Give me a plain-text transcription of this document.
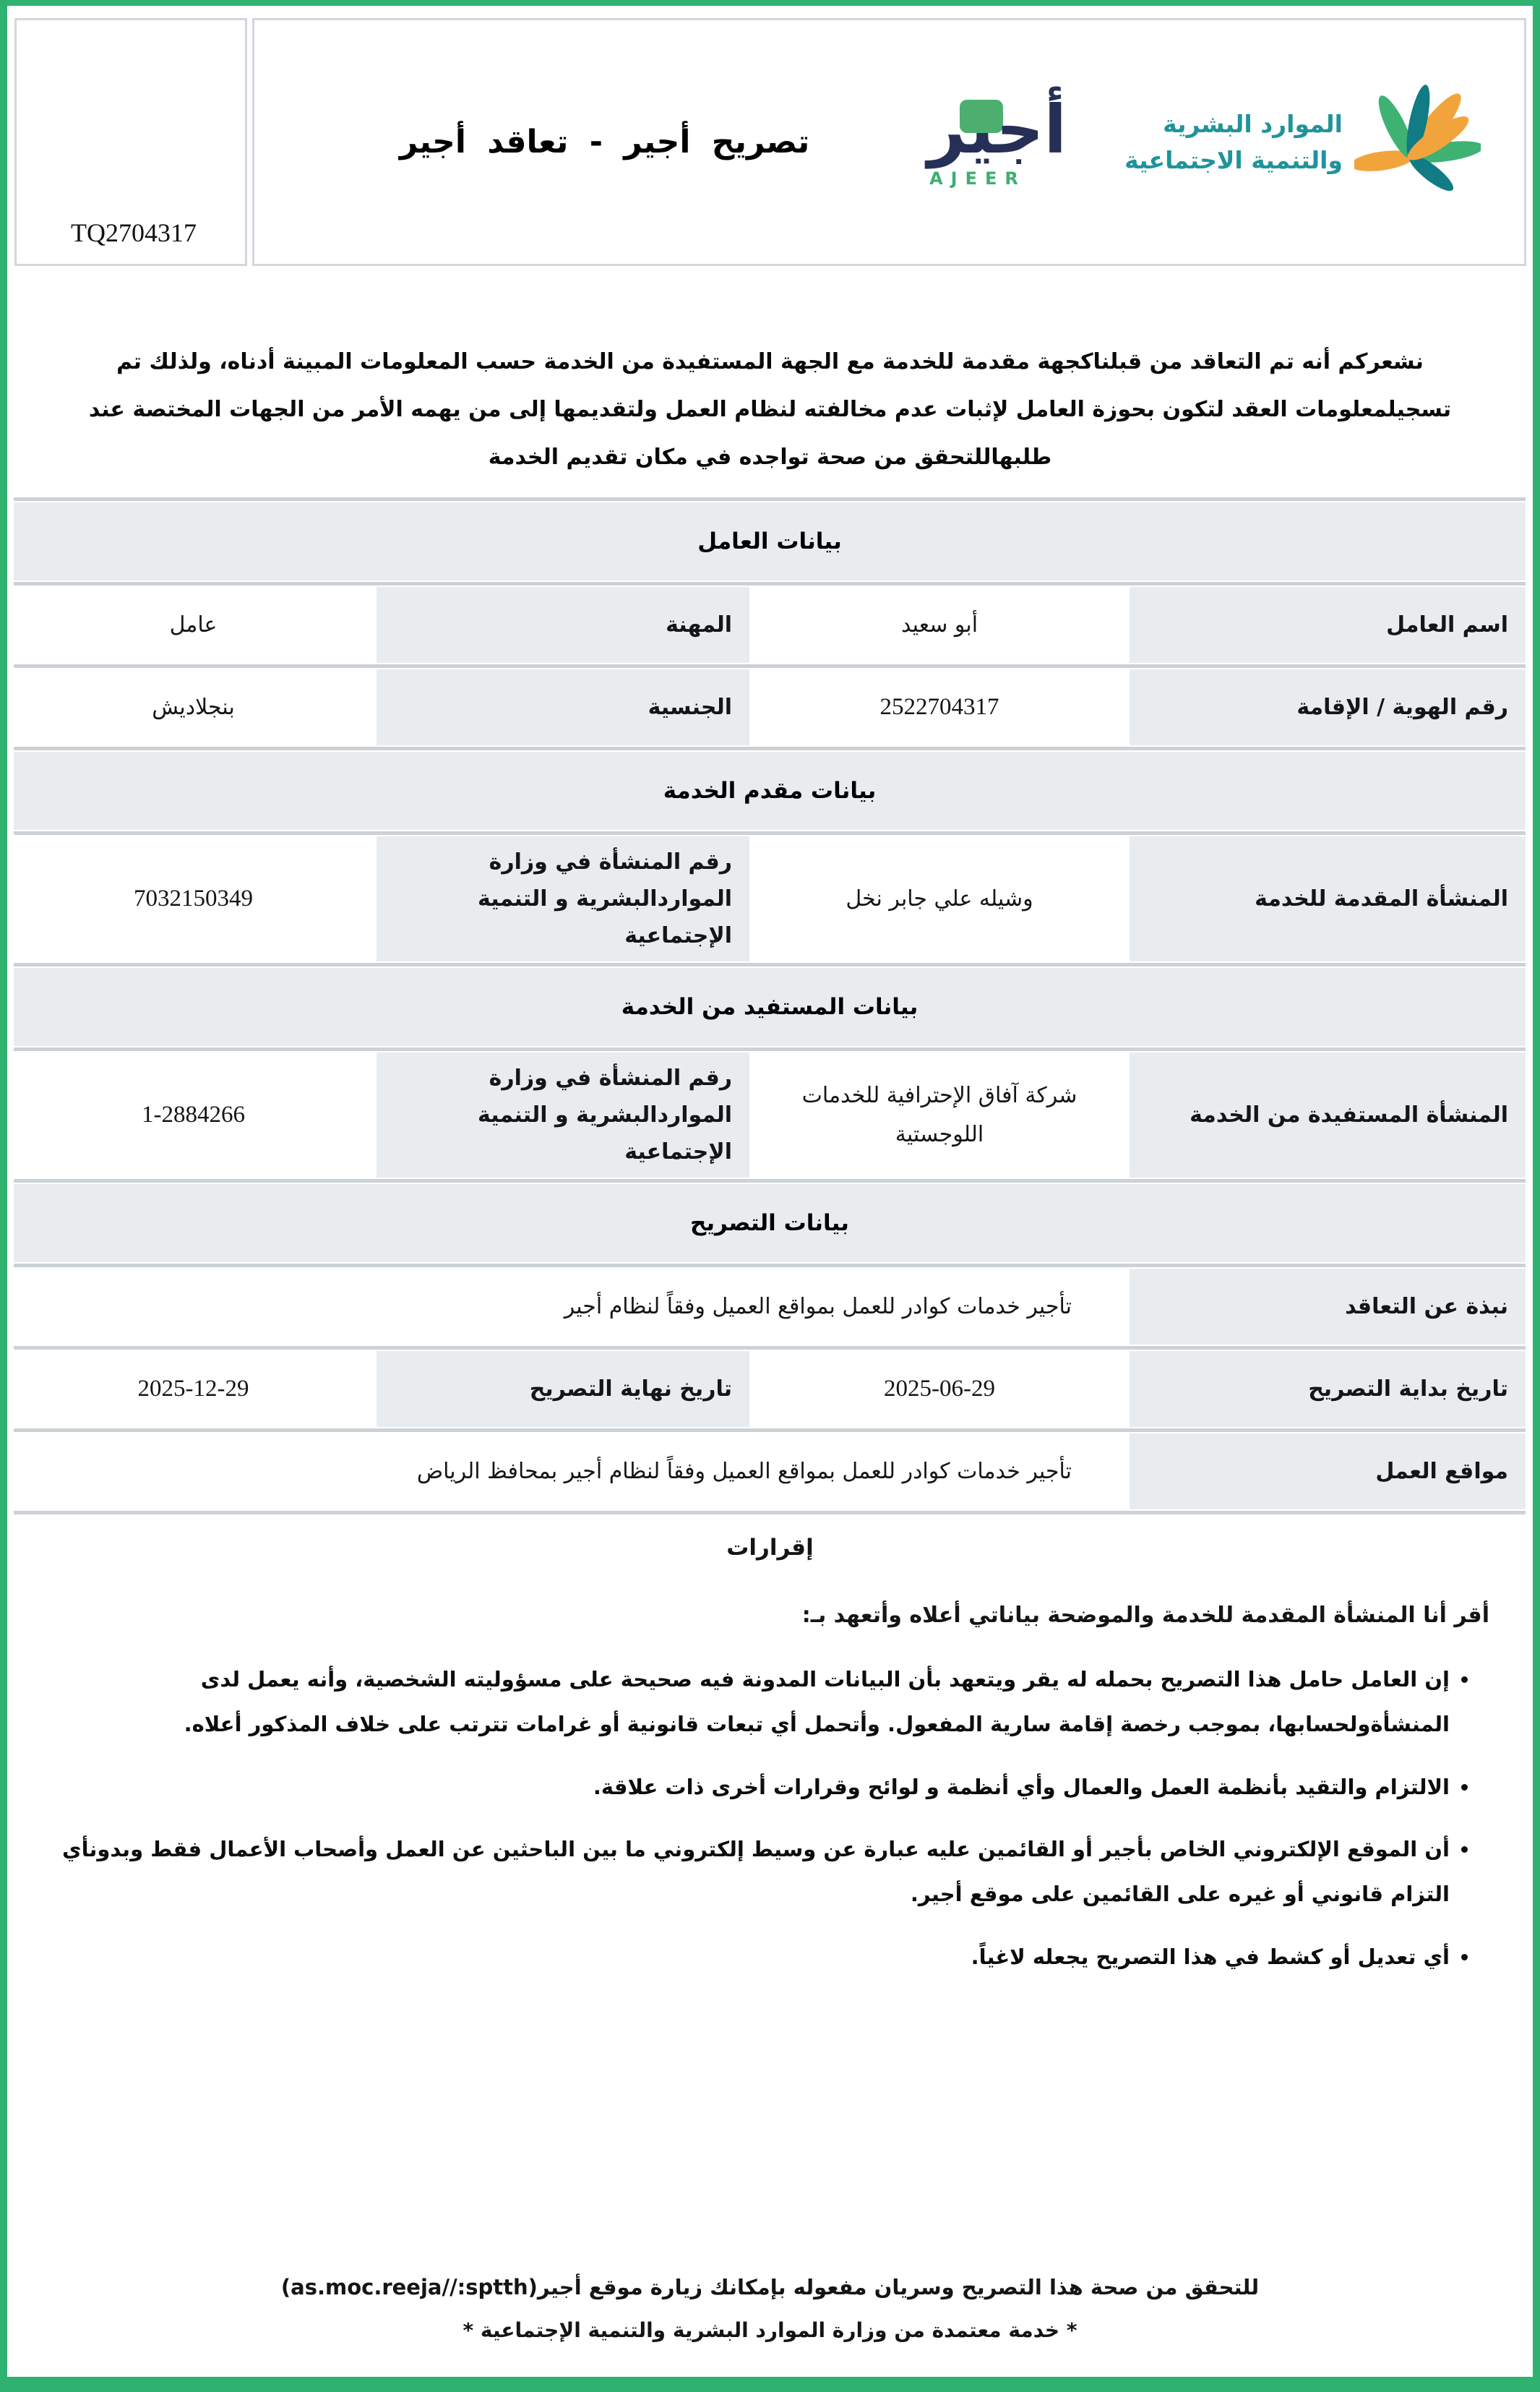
TQ2704317
الموارد البشرية
والتنمية الاجتماعية
أجير
AJEER
تصريح أجير - تعاقد أجير

نشعركم أنه تم التعاقد من قبلناكجهة مقدمة للخدمة مع الجهة المستفيدة من الخدمة حسب المعلومات المبينة أدناه، ولذلك تم تسجيلمعلومات العقد لتكون بحوزة العامل لإثبات عدم مخالفته لنظام العمل ولتقديمها إلى من يهمه الأمر من الجهات المختصة عند طلبهاللتحقق من صحة تواجده في مكان تقديم الخدمة

بيانات العامل
اسم العامل
أبو سعيد
المهنة
عامل
رقم الهوية / الإقامة
2522704317
الجنسية
بنجلاديش
بيانات مقدم الخدمة
المنشأة المقدمة للخدمة
وشيله علي جابر نخل
رقم المنشأة في وزارة المواردالبشرية و التنمية الإجتماعية
7032150349
بيانات المستفيد من الخدمة
المنشأة المستفيدة من الخدمة
شركة آفاق الإحترافية للخدمات اللوجستية
رقم المنشأة في وزارة المواردالبشرية و التنمية الإجتماعية
1-2884266
بيانات التصريح
نبذة عن التعاقد
تأجير خدمات كوادر للعمل بمواقع العميل وفقاً لنظام أجير
تاريخ بداية التصريح
2025-06-29
تاريخ نهاية التصريح
2025-12-29
مواقع العمل
تأجير خدمات كوادر للعمل بمواقع العميل وفقاً لنظام أجير بمحافظ الرياض
إقرارات
أقر أنا المنشأة المقدمة للخدمة والموضحة بياناتي أعلاه وأتعهد بـ:
• إن العامل حامل هذا التصريح بحمله له يقر ويتعهد بأن البيانات المدونة فيه صحيحة على مسؤوليته الشخصية، وأنه يعمل لدى المنشأةولحسابها، بموجب رخصة إقامة سارية المفعول. وأتحمل أي تبعات قانونية أو غرامات تترتب على خلاف المذكور أعلاه.
• الالتزام والتقيد بأنظمة العمل والعمال وأي أنظمة و لوائح وقرارات أخرى ذات علاقة.
• أن الموقع الإلكتروني الخاص بأجير أو القائمين عليه عبارة عن وسيط إلكتروني ما بين الباحثين عن العمل وأصحاب الأعمال فقط وبدونأي التزام قانوني أو غيره على القائمين على موقع أجير.
• أي تعديل أو كشط في هذا التصريح يجعله لاغياً.
للتحقق من صحة هذا التصريح وسريان مفعوله بإمكانك زيارة موقع أجير(as.moc.reeja//:sptth)
* خدمة معتمدة من وزارة الموارد البشرية والتنمية الإجتماعية *
